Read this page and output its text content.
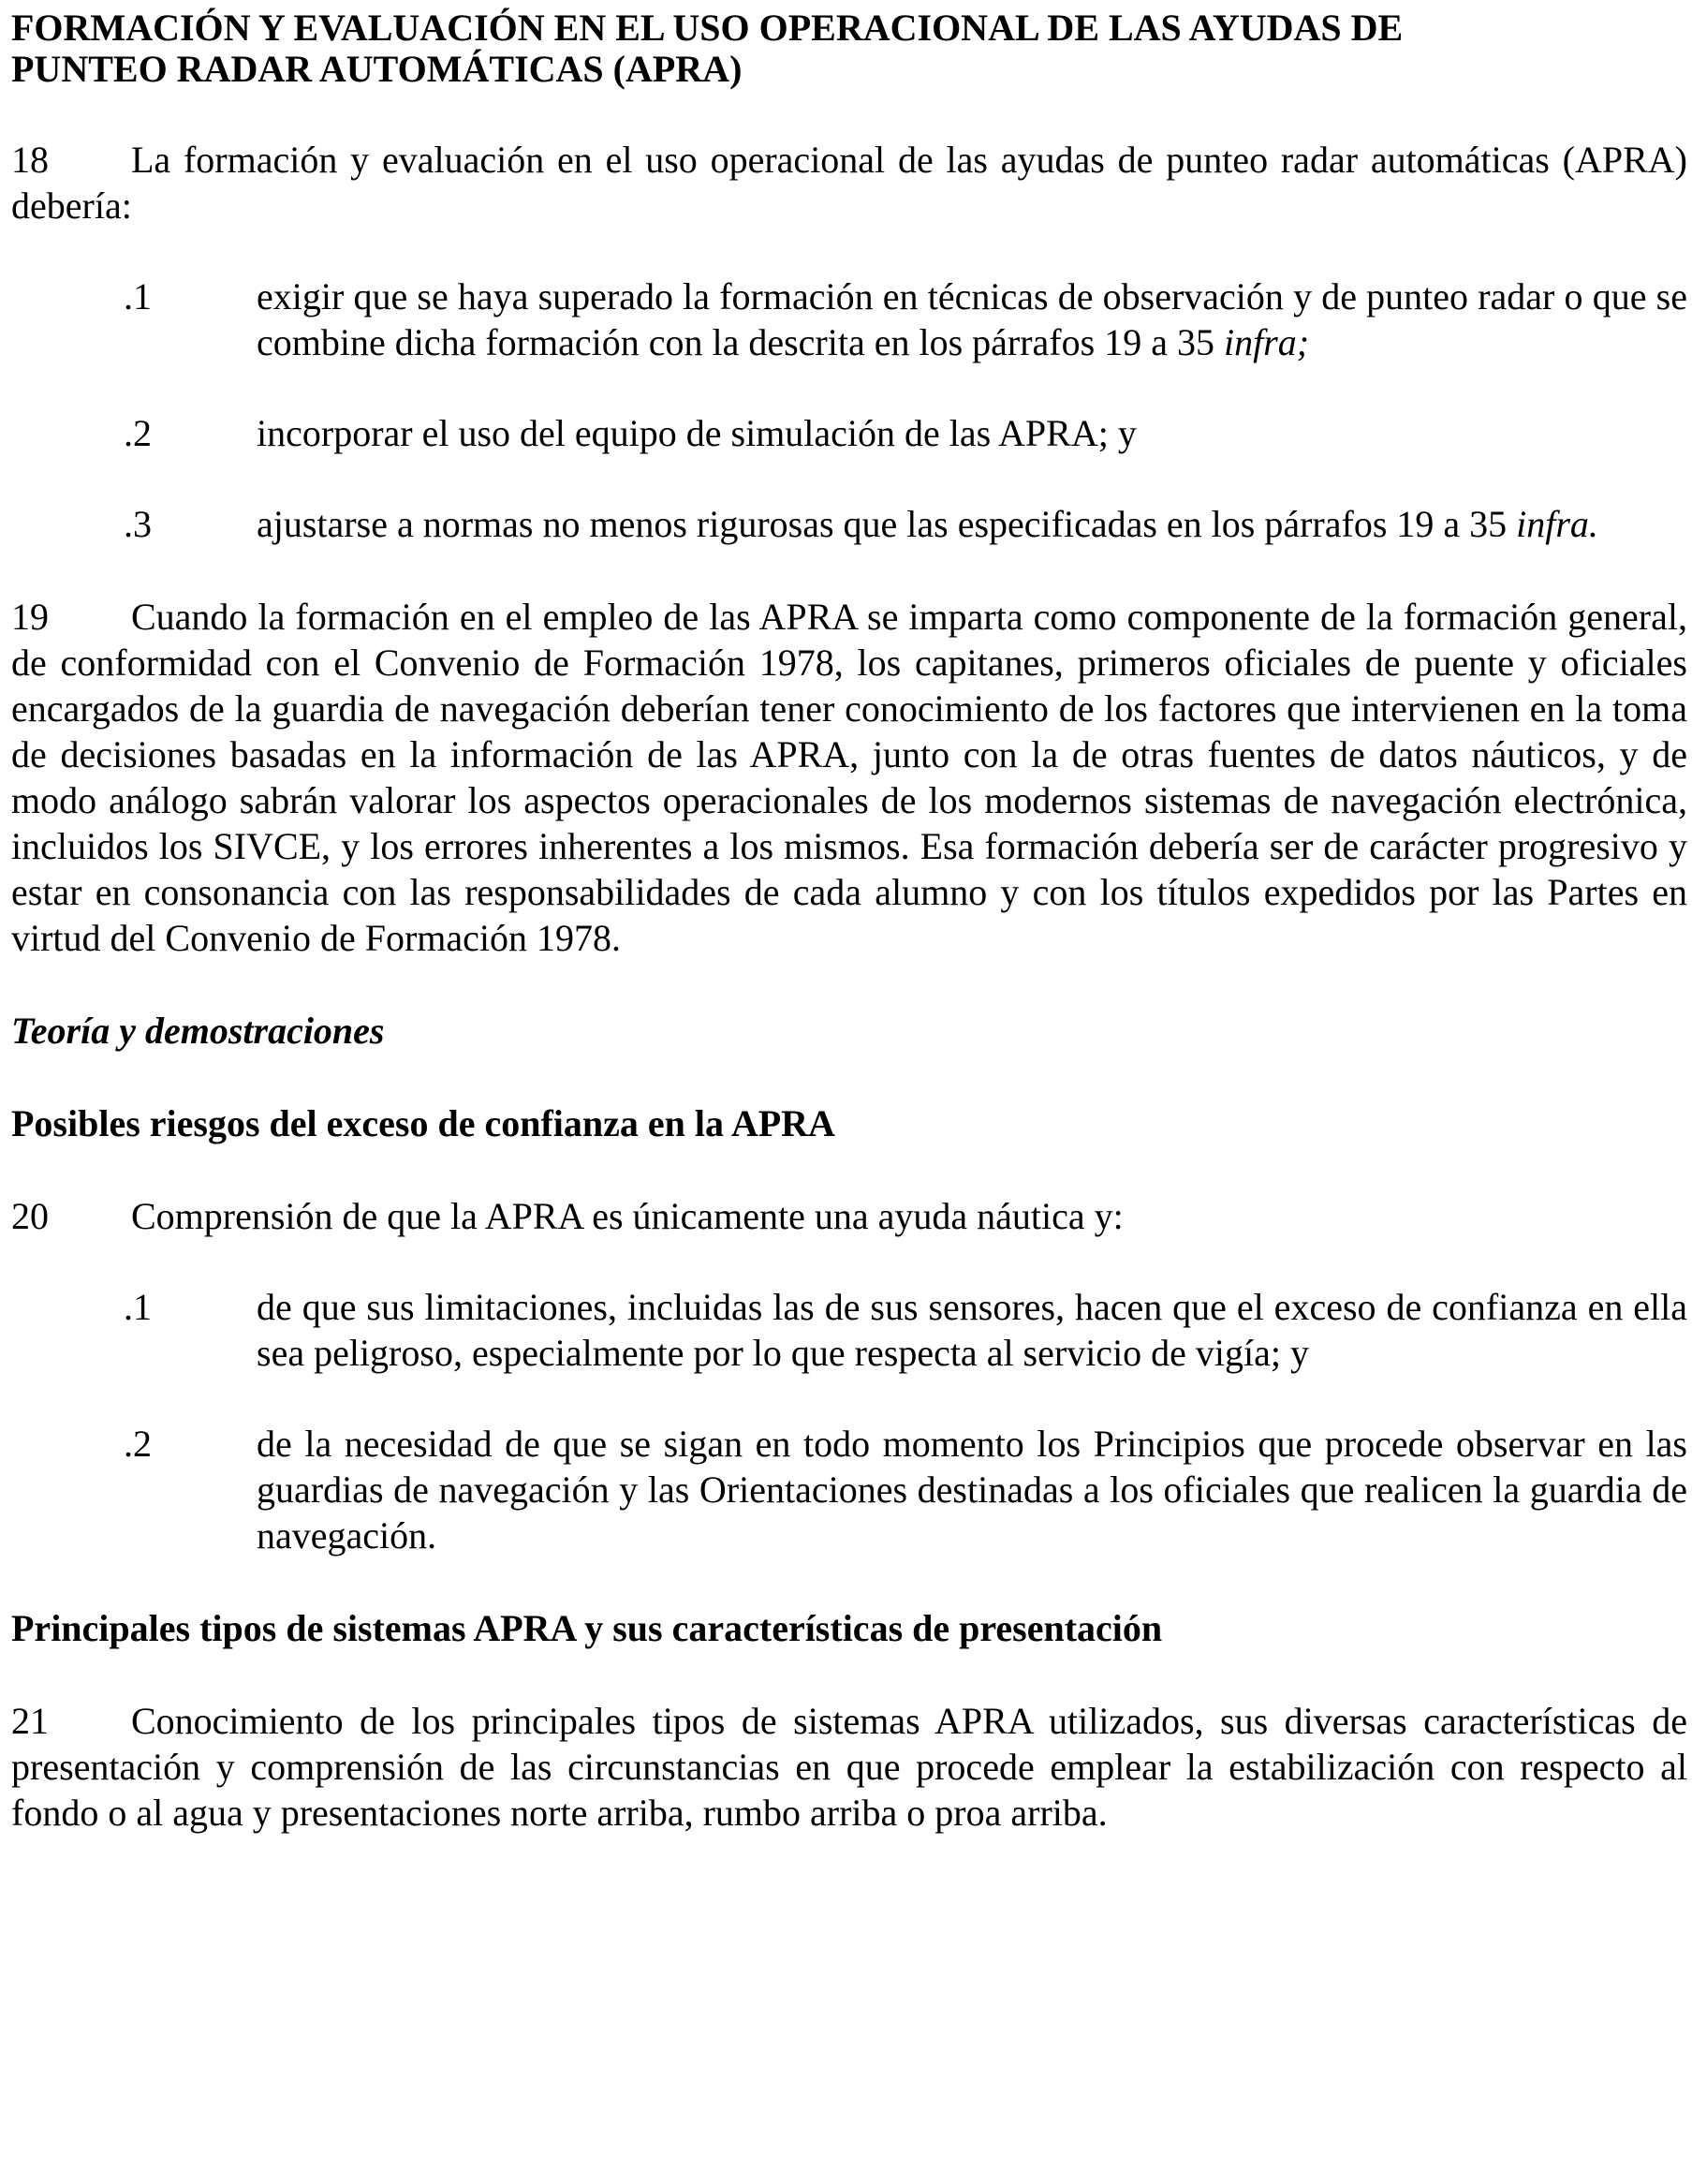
FORMACIÓN Y EVALUACIÓN EN EL USO OPERACIONAL DE LAS AYUDAS DE
PUNTEO RADAR AUTOMÁTICAS (APRA)

18 La formación y evaluación en el uso operacional de las ayudas de punteo radar automáticas (APRA) debería:

.1	exigir que se haya superado la formación en técnicas de observación y de punteo radar o que se combine dicha formación con la descrita en los párrafos 19 a 35 infra;
.2	incorporar el uso del equipo de simulación de las APRA; y
.3	ajustarse a normas no menos rigurosas que las especificadas en los párrafos 19 a 35 infra.

19 Cuando la formación en el empleo de las APRA se imparta como componente de la formación general, de conformidad con el Convenio de Formación 1978, los capitanes, primeros oficiales de puente y oficiales encargados de la guardia de navegación deberían tener conocimiento de los factores que intervienen en la toma de decisiones basadas en la información de las APRA, junto con la de otras fuentes de datos náuticos, y de modo análogo sabrán valorar los aspectos operacionales de los modernos sistemas de navegación electrónica, incluidos los SIVCE, y los errores inherentes a los mismos. Esa formación debería ser de carácter progresivo y estar en consonancia con las responsabilidades de cada alumno y con los títulos expedidos por las Partes en virtud del Convenio de Formación 1978.

Teoría y demostraciones

Posibles riesgos del exceso de confianza en la APRA

20 Comprensión de que la APRA es únicamente una ayuda náutica y:

.1	de que sus limitaciones, incluidas las de sus sensores, hacen que el exceso de confianza en ella sea peligroso, especialmente por lo que respecta al servicio de vigía; y
.2	de la necesidad de que se sigan en todo momento los Principios que procede observar en las guardias de navegación y las Orientaciones destinadas a los oficiales que realicen la guardia de navegación.

Principales tipos de sistemas APRA y sus características de presentación

21 Conocimiento de los principales tipos de sistemas APRA utilizados, sus diversas características de presentación y comprensión de las circunstancias en que procede emplear la estabilización con respecto al fondo o al agua y presentaciones norte arriba, rumbo arriba o proa arriba.
